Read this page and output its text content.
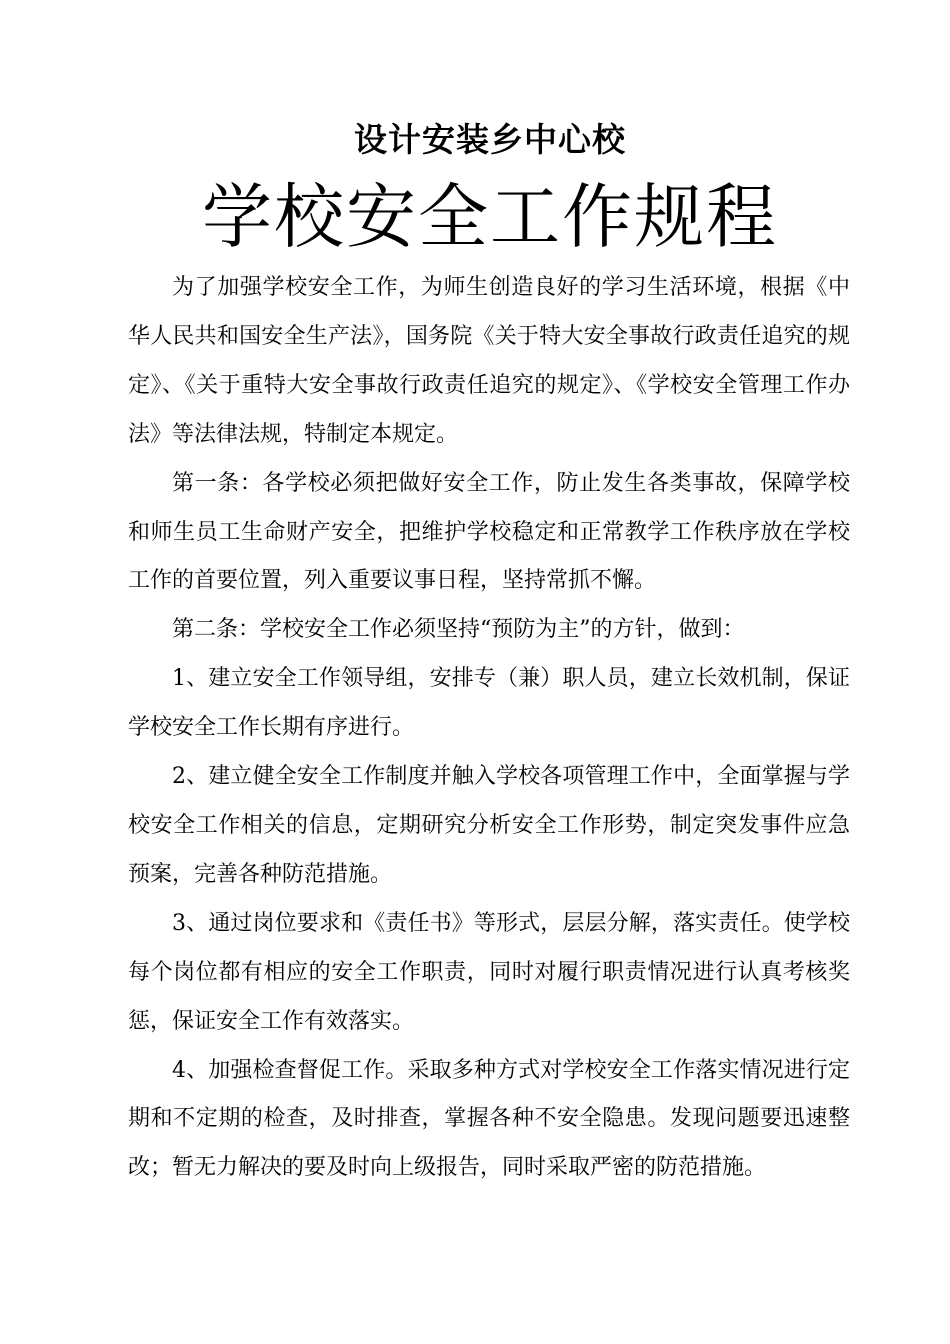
设计安装乡中心校
学校安全工作规程

为了加强学校安全工作，为师生创造良好的学习生活环境，根据《中华人民共和国安全生产法》，国务院《关于特大安全事故行政责任追究的规定》、《关于重特大安全事故行政责任追究的规定》、《学校安全管理工作办法》等法律法规，特制定本规定。

第一条：各学校必须把做好安全工作，防止发生各类事故，保障学校和师生员工生命财产安全，把维护学校稳定和正常教学工作秩序放在学校工作的首要位置，列入重要议事日程，坚持常抓不懈。

第二条：学校安全工作必须坚持“预防为主”的方针，做到：

1、建立安全工作领导组，安排专（兼）职人员，建立长效机制，保证学校安全工作长期有序进行。

2、建立健全安全工作制度并触入学校各项管理工作中，全面掌握与学校安全工作相关的信息，定期研究分析安全工作形势，制定突发事件应急预案，完善各种防范措施。

3、通过岗位要求和《责任书》等形式，层层分解，落实责任。使学校每个岗位都有相应的安全工作职责，同时对履行职责情况进行认真考核奖惩，保证安全工作有效落实。

4、加强检查督促工作。采取多种方式对学校安全工作落实情况进行定期和不定期的检查，及时排查，掌握各种不安全隐患。发现问题要迅速整改；暂无力解决的要及时向上级报告，同时采取严密的防范措施。
